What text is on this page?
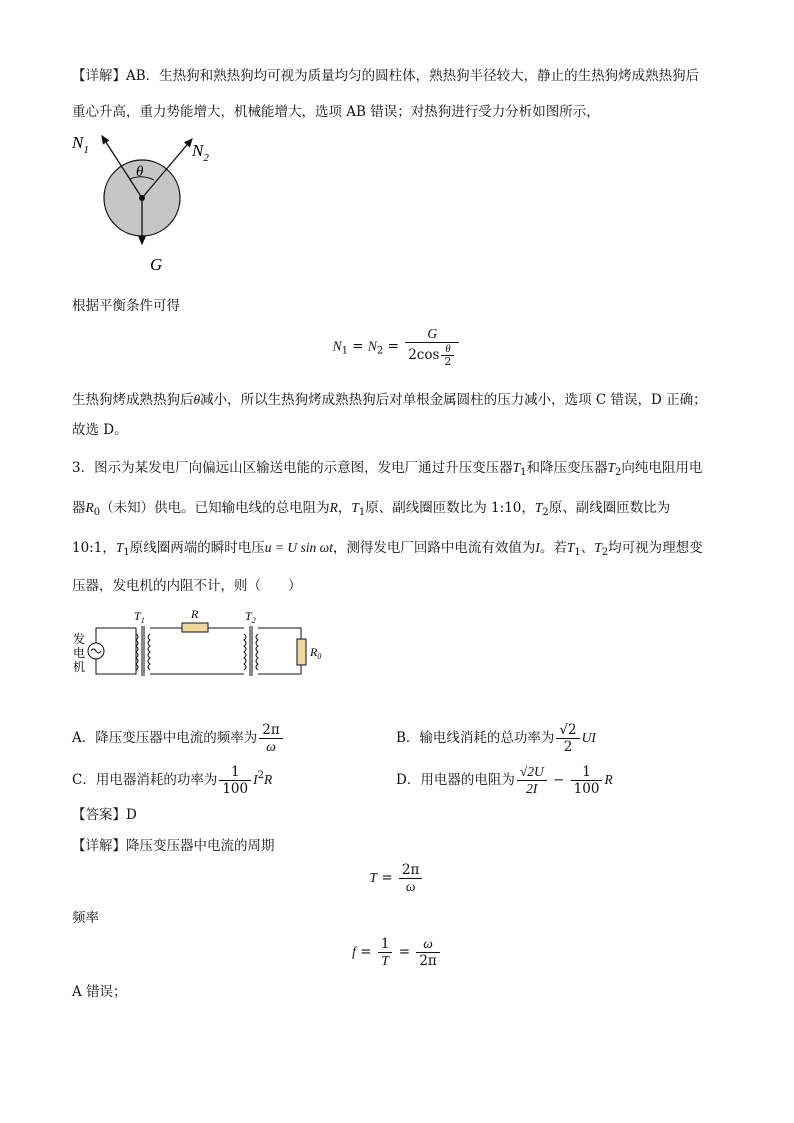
【详解】AB．生热狗和熟热狗均可视为质量均匀的圆柱体，熟热狗半径较大，静止的生热狗烤成熟热狗后
重心升高，重力势能增大，机械能增大，选项 AB 错误；对热狗进行受力分析如图所示，
$N_1$	$N_2$
θ
G
根据平衡条件可得
$N_1 = N_2 = \frac{G}{2\cos \frac{\theta}{2}}$
生热狗烤成熟热狗后θ减小，所以生热狗烤成熟热狗后对单根金属圆柱的压力减小，选项 C 错误，D 正确；
故选 D。
3．图示为某发电厂向偏远山区输送电能的示意图，发电厂通过升压变压器$T_1$和降压变压器$T_2$向纯电阻用电
器$R_0$（未知）供电。已知输电线的总电阻为R，$T_1$原、副线圈匝数比为 1:10，$T_2$原、副线圈匝数比为
10:1，$T_1$原线圈两端的瞬时电压u = U sin ωt，测得发电厂回路中电流有效值为I。若$T_1$、$T_2$均可视为理想变
压器，发电机的内阻不计，则（　　）
发
电
机
$T_1$	R	$T_2$
$R_0$
A．降压变压器中电流的频率为 $\frac{2\pi}{\omega}$	B．输电线消耗的总功率为 $\frac{√2}{2}$ UI
C．用电器消耗的功率为 $\frac{1}{100} I^2R$	D．用电器的电阻为 $\frac{√2U}{2I} - \frac{1}{100}$ R
【答案】D
【详解】降压变压器中电流的周期
$T = \frac{2\pi}{\omega}$
频率
$f = \frac{1}{T} = \frac{\omega}{2\pi}$
A 错误；
